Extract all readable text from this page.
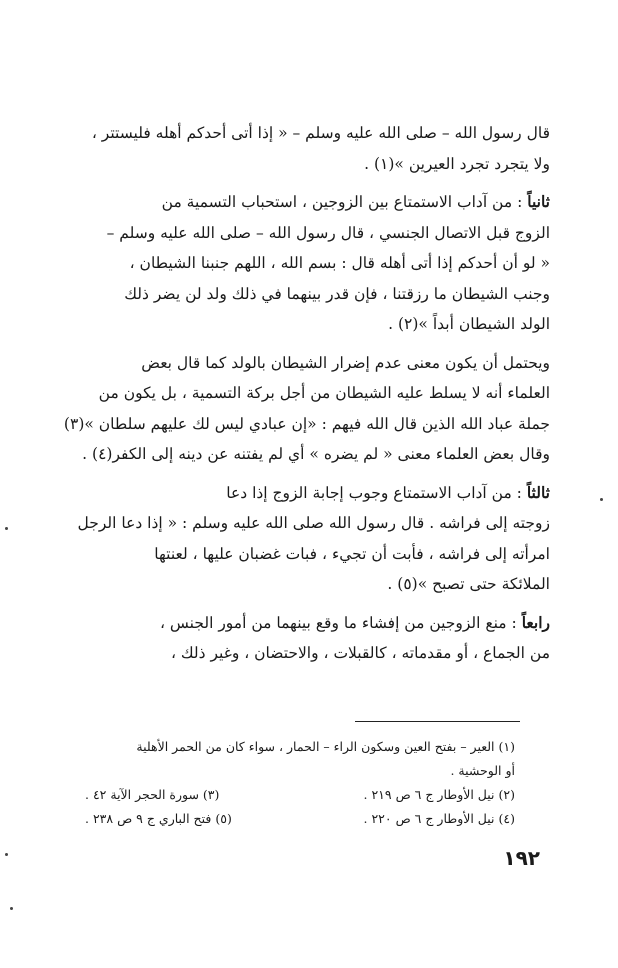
قال رسول الله – صلى الله عليه وسلم – « إذا أتى أحدكم أهله فليستتر ،
ولا يتجرد تجرد العيرين »(١) .
ثانياً : من آداب الاستمتاع بين الزوجين ، استحباب التسمية من
الزوج قبل الاتصال الجنسي ، قال رسول الله – صلى الله عليه وسلم –
« لو أن أحدكم إذا أتى أهله قال : بسم الله ، اللهم جنبنا الشيطان ،
وجنب الشيطان ما رزقتنا ، فإن قدر بينهما في ذلك ولد لن يضر ذلك
الولد الشيطان أبداً »(٢) .
ويحتمل أن يكون معنى عدم إضرار الشيطان بالولد كما قال بعض
العلماء أنه لا يسلط عليه الشيطان من أجل بركة التسمية ، بل يكون من
جملة عباد الله الذين قال الله فيهم : «إن عبادي ليس لك عليهم سلطان »(٣)
وقال بعض العلماء معنى « لم يضره » أي لم يفتنه عن دينه إلى الكفر(٤) .
ثالثاً : من آداب الاستمتاع وجوب إجابة الزوج إذا دعا
زوجته إلى فراشه . قال رسول الله صلى الله عليه وسلم : « إذا دعا الرجل
امرأته إلى فراشه ، فأبت أن تجيء ، فبات غضبان عليها ، لعنتها
الملائكة حتى تصبح »(٥) .
رابعاً : منع الزوجين من إفشاء ما وقع بينهما من أمور الجنس ،
من الجماع ، أو مقدماته ، كالقبلات ، والاحتضان ، وغير ذلك ،
(١) العير – بفتح العين وسكون الراء – الحمار ، سواء كان من الحمر الأهلية
أو الوحشية .
(٢) نيل الأوطار ج ٦ ص ٢١٩ .
(٣) سورة الحجر الآية ٤٢ .
(٤) نيل الأوطار ج ٦ ص ٢٢٠ .
(٥) فتح الباري ج ٩ ص ٢٣٨ .
١٩٢
